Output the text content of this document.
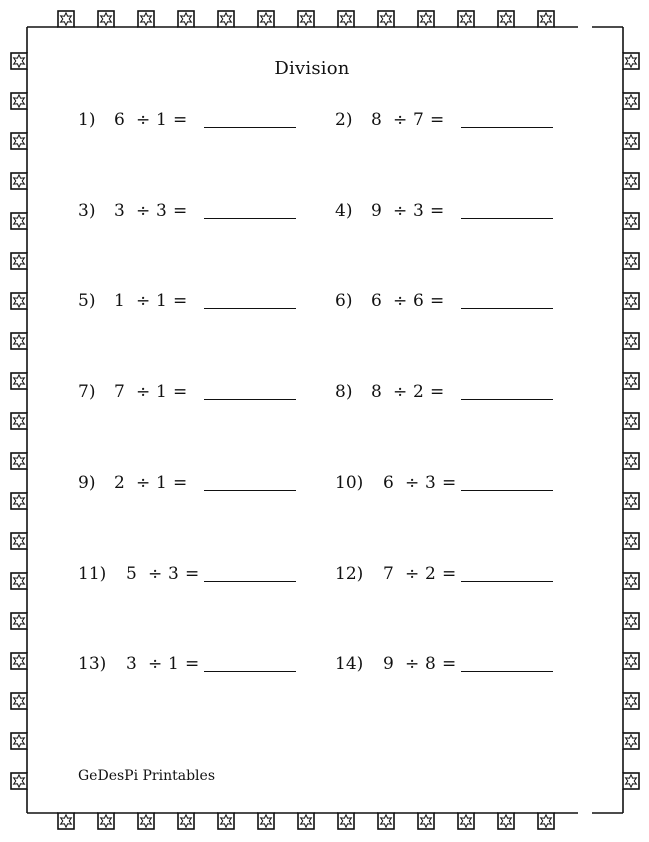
Division
1) 6 ÷ 1 =	2) 8 ÷ 7 =
3) 3 ÷ 3 =	4) 9 ÷ 3 =
5) 1 ÷ 1 =	6) 6 ÷ 6 =
7) 7 ÷ 1 =	8) 8 ÷ 2 =
9) 2 ÷ 1 =	10) 6 ÷ 3 =
11) 5 ÷ 3 =	12) 7 ÷ 2 =
13) 3 ÷ 1 =	14) 9 ÷ 8 =
GeDesPi Printables
